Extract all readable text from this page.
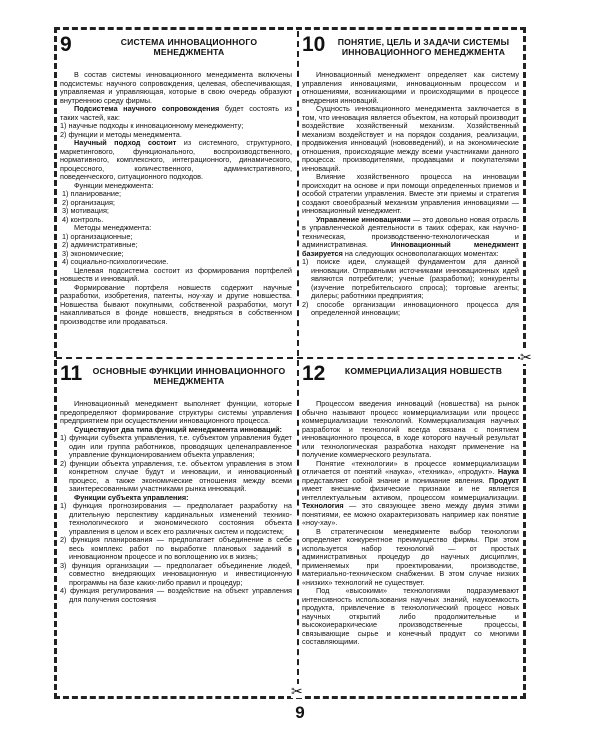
✂
✂
9	СИСТЕМА ИННОВАЦИОННОГО МЕНЕДЖМЕНТА

В состав системы инновационного менеджмента включены подсистемы: научного сопровождения, целевая, обеспечивающая, управляемая и управляющая, которые в свою очередь образуют внутреннюю среду фирмы.

Подсистема научного сопровождения будет состоять из таких частей, как:

1) научные подходы к инновационному менеджменту;

2) функции и методы менеджмента.

Научный подход состоит из системного, структурного, маркетингового, функционального, воспроизводственного, нормативного, комплексного, интеграционного, динамического, процессного, количественного, административного, поведенческого, ситуационного подходов.

Функции менеджмента:

1) планирование;

2) организация;

3) мотивация;

4) контроль.

Методы менеджмента:

1) организационные;

2) административные;

3) экономические;

4) социально-психологические.

Целевая подсистема состоит из формирования портфелей новшеств и инноваций.

Формирование портфеля новшеств содержит научные разработки, изобретения, патенты, ноу-хау и другие новшества. Новшества бывают покупными, собственной разработки, могут накапливаться в фонде новшеств, внедряться в собственном производстве или продаваться.

10	ПОНЯТИЕ, ЦЕЛЬ И ЗАДАЧИ СИСТЕМЫ ИННОВАЦИОННОГО МЕНЕДЖМЕНТА

Инновационный менеджмент определяет как систему управления инновациями, инновационным процессом и отношениями, возникающими и происходящими в процессе внедрения инноваций.

Сущность инновационного менеджмента заключается в том, что инновация является объектом, на который производит воздействие хозяйственный механизм. Хозяйственный механизм воздействует и на порядок создания, реализации, продвижения инноваций (нововведений), и на экономические отношения, происходящие между всеми участниками данного процесса: производителями, продавцами и покупателями инноваций.

Влияние хозяйственного процесса на инновации происходит на основе и при помощи определенных приемов и особой стратегии управления. Вместе эти приемы и стратегия создают своеобразный механизм управления инновациями — инновационный менеджмент.

Управление инновациями — это довольно новая отрасль в управленческой деятельности в таких сферах, как научно-техническая, производственно-технологическая и административная. Инновационный менеджмент базируется на следующих основополагающих моментах:

1) поиске идеи, служащей фундаментом для данной инновации. Отправными источниками инновационных идей являются потребители; ученые (разработки); конкуренты (изучение потребительского спроса); торговые агенты; дилеры; работники предприятия;

2) способе организации инновационного процесса для определенной инновации;

11	ОСНОВНЫЕ ФУНКЦИИ ИННОВАЦИОННОГО МЕНЕДЖМЕНТА

Инновационный менеджмент выполняет функции, которые предопределяют формирование структуры системы управления предприятием при осуществлении инновационного процесса.

Существуют два типа функций менеджмента инноваций:

1) функции субъекта управления, т.е. субъектом управления будет один или группа работников, проводящих целенаправленное управление функционированием объекта управления;

2) функции объекта управления, т.е. объектом управления в этом конкретном случае будут и инновации, и инновационный процесс, а также экономические отношения между всеми заинтересованными участниками рынка инноваций.

Функции субъекта управления:

1) функция прогнозирования — предполагает разработку на длительную перспективу кардинальных изменений технико-технологического и экономического состояния объекта управления в целом и всех его различных систем и подсистем;

2) функция планирования — предполагает объединение в себе весь комплекс работ по выработке плановых заданий в инновационном процессе и по воплощению их в жизнь;

3) функция организации — предполагает объединение людей, совместно внедряющих инновационную и инвестиционную программы на базе каких-либо правил и процедур;

4) функция регулирования — воздействие на объект управления для получения состояния

12	КОММЕРЦИАЛИЗАЦИЯ НОВШЕСТВ

Процессом введения инноваций (новшества) на рынок обычно называют процесс коммерциализации или процесс коммерциализации технологий. Коммерциализация научных разработок и технологий всегда связана с понятием инновационного процесса, в ходе которого научный результат или технологическая разработка находят применение на получение коммерческого результата.

Понятие «технологии» в процессе коммерциализации отличается от понятий «наука», «техника», «продукт». Наука представляет собой знание и понимание явления. Продукт имеет внешние физические признаки и не является интеллектуальным активом, процессом коммерциализации. Технология — это связующее звено между двумя этими понятиями, ее можно охарактеризовать например как понятие «ноу-хау».

В стратегическом менеджменте выбор технологии определяет конкурентное преимущество фирмы. При этом используется набор технологий — от простых административных процедур до научных дисциплин, применяемых при проектировании, производстве, материально-техническом снабжении. В этом случае низких «низких» технологий не существует.

Под «высокими» технологиями подразумевают интенсивность использования научных знаний, наукоемкость продукта, привлечение в технологический процесс новых научных открытий либо продолжительные и высокоиерархические производственные процессы, связывающие сырье и конечный продукт со многими составляющими.

9
